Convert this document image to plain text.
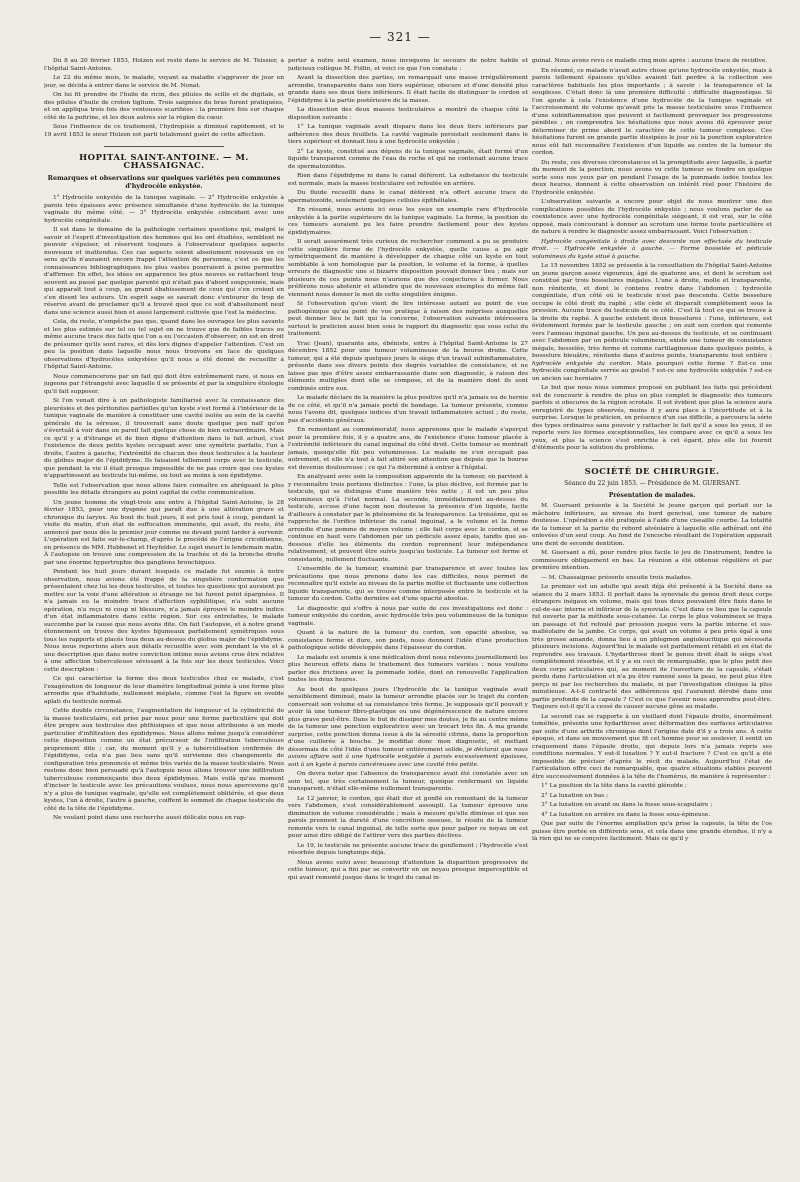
— 321 —

Du 8 au 20 février 1853, Holzen est resté dans le service de M. Teissier, à l'hôpital Saint-Antoine.

Le 22 du même mois, le malade, voyant sa maladie s'aggraver de jour en jour, se décida à entrer dans le service de M. Nonat.

On lui fit prendre de l'huile de ricin, des pilules de scille et de digitale, et des pilules d'huile de croton tiglium. Trois saignées du bras furent pratiquées, et on appliqua trois fois des ventouses scarifiées : la première fois sur chaque côté de la poitrine, et les deux autres sur la région du cœur.

Sous l'influence de ce traitement, l'hydropisie a diminué rapidement, et le 19 avril 1853 le sieur Holzen est parti totalement guéri de cette affection.

HOPITAL SAINT-ANTOINE. — M. CHASSAIGNAC.
Remarques et observations sur quelques variétés peu communes d'hydrocèle enkystée.

1° Hydrocèle enkystée de la tunique vaginale. — 2° Hydrocèle enkystée à parois très épaisses avec présence simultanée d'une hydrocèle de la tunique vaginale du même côté. — 3° Hydrocèle enkystée coïncidant avec une hydrocèle congénitale.

Il est dans le domaine de la pathologie certaines questions qui, malgré le savoir et l'esprit d'investigation des hommes qui les ont étudiées, semblent ne pouvoir s'épuiser, et réservent toujours à l'observateur quelques aspects nouveaux et inattendus. Ces cas aspects soient absolument nouveaux en ce sens qu'ils n'auraient encore frappé l'attention de personne, c'est ce que les connaissances bibliographiques les plus vastes pourraient à peine permettre d'affirmer. En effet, les idées en apparence les plus neuves se rattachent trop souvent au passé par quelque parenté qui n'était pas d'abord soupçonnée, mais qui apparaît tout à coup, au grand ébahissement de ceux qui s'en croient en s'en disent les auteurs. Un esprit sage se saurait donc s'entourer de trop de réserve avant de proclamer qu'il a trouvé quoi que ce soit d'absolument neuf dans une science aussi bien et aussi largement cultivée que l'est la médecine.

Cela, du reste, n'empêche pas que, quand dans les ouvrages les plus savants et les plus estimés sur tel ou tel sujet on ne trouve que de faibles traces ou même aucune trace des faits que l'on a eu l'occasion d'observer, on est en droit de présumer qu'ils sont rares, et dès lors dignes d'appeler l'attention. C'est un peu la position dans laquelle nous nous trouvons en face de quelques observations d'hydrocèles enkystées qu'il nous a été donné de recueillir à l'hôpital Saint-Antoine.

Nous commencerons par un fait qui doit être extrêmement rare, si nous en jugeons par l'étrangeté avec laquelle il se présente et par la singulière étiologie qu'il fait supposer.

Si l'on venait dire à un pathologiste familiarisé avec la connaissance des pleurésies et des péritonites partielles qu'un kyste s'est formé à l'intérieur de la tunique vaginale de manière à constituer une cavité isolée au sein de la cavité générale de la séreuse, il trouverait sans doute quelque peu naïf qu'on s'évertuât à voir dans un pareil fait quelque chose de bien extraordinaire. Mais ce qu'il y a d'étrange et de bien digne d'attention dans le fait actuel, c'est l'existence de deux petits kystes occupant avec une symétrie parfaite, l'un à droite, l'autre à gauche, l'extrémité de chacun des deux testicules à la hauteur du globus major de l'épididyme. Ils faisaient tellement corps avec le testicule, que pendant la vie il était presque impossible de ne pas croire que ces kystes n'appartinssent au testicule lui-même, ou tout au moins à son épididyme.

Telle est l'observation que nous allons faire connaître en abrégeant le plus possible les détails étrangers au point capital de cette communication.

Un jeune homme de vingt-trois ans entre à l'hôpital Saint-Antoine, le 28 février 1853, pour une dyspnée qui paraît due à une altération grave et chronique du larynx. Au bout de huit jours, il est pris tout à coup, pendant la visite du matin, d'un état de suffocation imminente, qui avait, du reste, été annoncé par nous dès le premier jour comme ne devant point tarder à survenir. L'opération est faite sur-le-champ, d'après le procédé de l'érigne cricoïdienne, en présence de MM. Hubbenet et Heyfelder. Le sujet meurt le lendemain matin. À l'autopsie on trouve une compression de la trachée et de la bronche droite par une énorme hypertrophie des ganglions bronchiques.

Pendant les huit jours durant lesquels ce malade fut soumis à notre observation, nous avions été frappé de la singulière conformation que présentaient chez lui les deux testicules, et toutes les questions qui auraient pu mettre sur la voie d'une altération si étrange ne lui furent point épargnées. Il n'a jamais eu la moindre trace d'affection syphilitique, n'a subi aucune opération, n'a reçu ni coup ni blessure, n'a jamais éprouvé le moindre indice d'un état inflammatoire dans cette région. Sur ces entrefaites, le malade succombe par la cause que nous avons dite. On fait l'autopsie, et à notre grand étonnement on trouve des kystes bijumeaux parfaitement symétriques sous tous les rapports et placés tous deux au-dessus du globus major de l'épididyme. Nous nous reportons alors aux détails recueillis avec soin pendant la vie et à une description que dans notre conviction intime nous avions crue être relative à une affection tuberculeuse sévissant à la fois sur les deux testicules. Voici cette description :

Ce qui caractérise la forme des deux testicules chez ce malade, c'est l'exagération de longueur de leur diamètre longitudinal jointe à une forme plus arrondie que d'habitude, nullement méplate, comme l'est la figure en ovoïde aplati du testicule normal.

Cette double circonstance, l'augmentation de longueur et la cylindricité de la masse testiculaire, est prise par nous pour une forme particulière qui doit être propre aux testicules des phthisiques et que nous attribuons à un mode particulier d'infiltration des épididymes. Nous allons même jusqu'à considérer cette disposition comme un état précurseur de l'infiltration tuberculeuse proprement dite ; car, du moment qu'il y a tuberculisation confirmée de l'épididyme, cela n'a pas lieu sans qu'il survienne des changements de configuration très prononcés et même très variés de la masse testiculaire. Nous restons donc bien persuadé qu'à l'autopsie nous allons trouver une infiltration tuberculeuse commençante des deux épididymes. Mais voilà qu'au moment d'inciser le testicule avec les précautions voulues, nous nous apercevons qu'il n'y a plus de tunique vaginale, qu'elle est complètement oblitérée, et que deux kystes, l'un à droite, l'autre à gauche, coiffent le sommet de chaque testicule du côté de la tête de l'épididyme.

Ne voulant point dans une recherche aussi délicate nous en rap-

porter à notre seul examen, nous invoquons le secours de notre habile et judicieux collègue M. Follin, et voici ce que l'on constate :

Avant la dissection des parties, on remarquait une masse irrégulièrement arrondie, transparente dans son tiers supérieur, obscure et d'une densité plus grande dans ses deux tiers inférieurs. Il était facile de distinguer le cordon et l'épididyme à la partie postérieure de la masse.

La dissection des deux masses testiculaires a montré de chaque côté la disposition suivante :

1° La tunique vaginale avait disparu dans les deux tiers inférieurs par adhérence des deux feuillets. La cavité vaginale persistait seulement dans le tiers supérieur et donnait lieu à une hydrocèle enkystée ;

2° Le kyste, constitué aux dépens de la tunique vaginale, était formé d'un liquide transparent comme de l'eau de roche et qui ne contenait aucune trace de spermatozoïdes.

Rien dans l'épididyme ni dans le canal déférent. La substance du testicule est normale, mais la masse testiculaire est refoulée en arrière.

Du fluide recueilli dans le canal déférent n'a offert aucune trace de spermatozoïde, seulement quelques cellules épithéliales.

En résumé, nous avions ici sous les yeux un exemple rare d'hydrocèle enkystée à la partie supérieure de la tunique vaginale. La forme, la position de ces tumeurs auraient pu les faire prendre facilement pour des kystes épididymaires.

Il serait assurément très curieux de rechercher comment a pu se produire cette singulière forme de l'hydrocèle enkystée, quelle cause a pu agir symétriquement de manière à développer de chaque côté un kyste en tout semblable à son homologue par la position, le volume et la forme, à quelles erreurs de diagnostic une si bizarre disposition pouvait donner lieu ; mais sur plusieurs de ces points nous n'aurions que des conjectures à former. Nous préférons nous abstenir et attendre que de nouveaux exemples du même fait viennent nous donner le mot de cette singulière énigme.

Si l'observation qu'on vient de lire intéresse autant au point de vue pathogénique qu'au point de vue pratique à raison des méprises auxquelles peut donner lieu le fait qui la concerne, l'observation suivante intéressera surtout le praticien aussi bien sous le rapport du diagnostic que sous celui du traitement.

Yrac (Jean), quarante ans, ébéniste, entre à l'hôpital Saint-Antoine le 27 décembre 1852 pour une tumeur volumineuse de la bourse droite. Cette tumeur, qui a été depuis quelques jours le siège d'un travail subinflammatoire, présente dans ses divers points des degrés variables de consistance, et ne laisse pas que d'être assez embarrassante dans son diagnostic, à raison des éléments multiples dont elle se compose, et de la manière dont ils sont combinés entre eux.

Le malade déclare de la manière la plus positive qu'il n'a jamais eu de hernie de ce côté, et qu'il n'a jamais porté de bandage. La tumeur présente, comme nous l'avons dit, quelques indices d'un travail inflammatoire actuel ; du reste, pas d'accidents généraux.

En remontant au commémoratif, nous apprenons que le malade s'aperçut pour la première fois, il y a quatre ans, de l'existence d'une tumeur placée à l'extrémité inférieure du canal inguinal du côté droit. Cette tumeur se montrait jamais, quoiqu'elle fût peu volumineuse. Le malade ne s'en occupait pas autrement, et elle n'a tout à fait attiré son attention que depuis que la bourse est devenue douloureuse ; ce qui l'a déterminé à entrer à l'hôpital.

En analysant avec soin la composition apparente de la tumeur, on parvient à y reconnaître trois portions distinctes : l'une, la plus déclive, est formée par le testicule, qui se distingue d'une manière très nette ; il est un peu plus volumineux qu'à l'état normal. La seconde, immédiatement au-dessus du testicule, accuse d'une façon non douteuse la présence d'un liquide, facile d'ailleurs à constater par le phénomène de la transparence. La troisième, qui se rapproche de l'orifice inférieur du canal inguinal, a le volume et la forme arrondie d'une pomme de moyen volume ; elle fait corps avec le cordon, et se continue en haut vers l'abdomen par un pédicule assez épais, tandis que au-dessous d'elle les éléments du cordon reprennent leur indépendance relativement, et peuvent être suivis jusqu'au testicule. La tumeur est ferme et consistante, nullement fluctuante.

L'ensemble de la tumeur, examiné par transparence et avec toutes les précautions que nous prenons dans les cas difficiles, nous permet de reconnaître qu'il existe au niveau de la partie mollie et fluctuante une collection liquide transparente, qui se trouve comme interposée entre le testicule et la tumeur du cordon. Cette dernière est d'une opacité absolue.

Le diagnostic qui s'offre à nous par suite de ces investigations est donc : tumeur enkystée du cordon, avec hydrocèle très peu volumineuse de la tunique vaginale.

Quant à la nature de la tumeur du cordon, son opacité absolue, sa consistance ferme et dure, son poids, nous donnent l'idée d'une production pathologique solide développée dans l'épaisseur du cordon.

Le malade est soumis à une médication dont nous relevons journellement les plus heureux effets dans le traitement des tumeurs variées : nous voulons parler des frictions avec la pommade iodée, dont on renouvelle l'application toutes les deux heures.

Au bout de quelques jours l'hydrocèle de la tunique vaginale avait sensiblement diminué, mais la tumeur arrondie placée sur le trajet du cordon conservait son volume et sa consistance très ferme. Je supposais qu'il pouvait y avoir là une tumeur fibro-plastique ou une dégénérescence de nature encore plus grave peut-être. Dans le but de dissiper mes doutes, je fis au centre même de la tumeur une ponction exploratrice avec un trocart très fin. À ma grande surprise, cette ponction donna issue à de la sérosité citrine, dans la proportion d'une cuillerée à bouche. Je modifiai donc mon diagnostic, et mettant désormais de côté l'idée d'une tumeur entièrement solide, je déclarai que nous avions affaire soit à une hydrocèle enkystée à parois excessivement épaisses, soit à un kyste à parois cancéreuses avec une cavité très petite.

On devra noter que l'absence de transparence avait été constatée avec un soin tel, que très certainement la tumeur, quoique renfermant un liquide transparent, n'était elle-même nullement transparente.

Le 12 janvier, le cordon, qui était dur et gonflé en remontant de la tumeur vers l'abdomen, s'est considérablement assoupli. La tumeur éprouve une diminution de volume considérable ; mais à mesure qu'elle diminue et que ses parois prennent la dureté d'une concrétion osseuse, le résidu de la tumeur remonte vers le canal inguinal, de telle sorte que pour palper ce noyau on est pour ainsi dire obligé de l'attirer vers des parties déclives.

Le 19, le testicule ne présente aucune trace de gonflement ; l'hydrocèle s'est résorbée depuis longtemps déjà.

Nous avons suivi avec beaucoup d'attention la disparition progressive de cette tumeur, qui a fini par se convertir en un noyau presque imperceptible et qui avait remonté jusque dans le trajet du canal in-

guinal. Nous avons revu ce malade cinq mois après : aucune trace de récidive.

En résumé, ce malade n'avait autre chose qu'une hydrocèle enkystée, mais à parois tellement épaisses qu'elles avaient fait perdre à la collection ses caractères habituels les plus importants ; à savoir : la transparence et la souplesse. C'était donc là une première difficulté : difficulté diagnostique. Si l'on ajoute à cela l'existence d'une hydrocèle de la tunique vaginale et l'accroissement de volume qu'avait pris la masse testiculaire sous l'influence d'une subinflammation que peuvent si facilement provoquer les progressions pénibles ; on comprendra les hésitations que nous avons dû éprouver pour déterminer de prime abord le caractère de cette tumeur complexe. Ces hésitations furent en grande partie dissipées le jour où la ponction exploratrice nous eût fait reconnaître l'existence d'un liquide au centre de la tumeur du cordon.

Du reste, ces diverses circonstances et la promptitude avec laquelle, à partir du moment de la ponction, nous avons vu cette tumeur se fondre en quelque sorte sous nos yeux par on pendant l'usage de la pommade iodée toutes les deux heures, donnent à cette observation un intérêt réel pour l'histoire de l'hydrocèle enkystée.

L'observation suivante a encore pour objet de nous montrer une des complications possibles de l'hydrocèle enkystée ; nous voulons parler de sa coexistence avec une hydrocèle congénitale siégeant, il est vrai, sur le côté opposé, mais concourant à donner au scrotum une forme toute particulière et de nature à rendre le diagnostic assez embarrassant. Voici l'observation :

Hydrocèle congénitale à droite avec descente non effectuée du testicule droit. — Hydrocèle enkystée à gauche. — Forme bosselée et pédicule volumineux du kyste situé à gauche.

Le 15 novembre 1852 se présente à la consultation de l'hôpital Saint-Antoine un jeune garçon assez vigoureux, âgé de quatorze ans, et dont le scrotum est constitué par trois bosselures inégales. L'une à droite, molle et transparente, non rénitente, et dont le contenu rentre dans l'abdomen : hydrocèle congénitale, d'un côté où le testicule n'est pas descendu. Cette bosselure occupe le côté droit du raphé ; elle cède et disparaît complètement sous la pression. Aucune trace du testicule de ce côté. C'est là tout ce qui se trouve à la droite du raphé. À gauche existent deux bosselures : l'une, inférieure, est évidemment formée par le testicule gauche ; on suit son cordon qui remonte vers l'anneau inguinal gauche. Un peu au-dessus du testicule, et se continuant avec l'abdomen par un pédicule volumineux, existe une tumeur de consistance inégale, bosselée, très ferme et comme cartilagineuse dans quelques points, à bosselure bleuâtre, rénitente dans d'autres points, transparente tout entière : hydrocèle enkystée du cordon. Mais pourquoi cette forme ? Est-ce une hydrocèle congénitale serrée au goulot ? est-ce une hydrocèle enkystée ? est-ce un ancien sac herniaire ?

Le but que nous nous sommes proposé en publiant les faits qui précèdent est de concourir à rendre de plus en plus complet le diagnostic des tumeurs parfois si obscures de la région scrotale. Il est évident que plus la science aura enregistré de types observés, moins il y aura place à l'incertitude et à la surprise. Lorsque le praticien, en présence d'un cas difficile, a parcouru la série des types ordinaires sans pouvoir y rattacher le fait qu'il a sous les yeux, il se reporte vers les formes exceptionnelles, les compare avec ce qu'il a sous les yeux, et plus la science s'est enrichie à cet égard, plus elle lui fournit d'éléments pour la solution du problème.

SOCIÉTÉ DE CHIRURGIE.
Séance du 22 juin 1853. — Présidence de M. GUERSANT.
Présentation de malades.

M. Guersant présente à la Société le jeune garçon qui portait sur la mâchoire inférieure, au niveau du bord gencival, une tumeur de nature douteuse. L'opération a été pratiquée à l'aide d'une ciseaille courbe. La totalité de la tumeur et la partie du rebord alvéolaire à laquelle elle adhérait ont été enlevées d'un seul coup. Au fond de l'encoche résultant de l'opération apparaît une dent de seconde dentition.

M. Guersant a dû, pour rendre plus facile le jeu de l'instrument, fendre la commissure obliquement en bas. La réunion a été obtenue régulière et par première intention.

— M. Chassaignac présente ensuite trois malades.

Le premier est un adulte qui avait déjà été présenté à la Société dans sa séance du 2 mars 1853. Il portait dans la synoviale du genou droit deux corps étrangers inégaux en volume, mais qui tous deux pouvaient être fixés dans le cul-de-sac interne et inférieur de la synoviale. C'est dans ce lieu que la capsule fut ouverte par la méthode sous-cutanée. Le corps le plus volumineux se fraya un passage et fut refoulé par pression jusque vers la partie interne et sus-malléolaire de la jambe. Ce corps, qui avait un volume à peu près égal à une très grosse amande, donna lieu à un phlegmon angioleucitique qui nécessita plusieurs incisions. Aujourd'hui le malade est parfaitement rétabli et en état de reprendre ses travaux. L'hydarthrose dont le genou droit était le siège s'est complètement résorbée, et il y a eu ceci de remarquable, que le plus petit des deux corps articulaires qui, au moment de l'ouverture de la capsule, s'était perdu dans l'articulation et n'a pu être ramené sous la peau, ne peut plus être perçu ni par les recherches du malade, ni par l'investigation clinique la plus minutieuse. A-t-il contracté des adhérences qui l'auraient dérobé dans une partie profonde de la capsule ? C'est ce que l'avenir nous apprendra peut-être. Toujours est-il qu'il a cessé de causer aucune gêne au malade.

Le second cas se rapporte à un vieillard dont l'épaule droite, énormément tuméfiée, présente une hydarthrose avec déformation des surfaces articulaires par suite d'une arthrite chronique dont l'origine date d'il y a trois ans. À cette époque, et dans un mouvement que fit cet homme pour se soulever, il sentit un craquement dans l'épaule droite, qui depuis lors n'a jamais repris ses conditions normales. Y eut-il luxation ? Y eut-il fracture ? C'est ce qu'il a été impossible de préciser d'après le récit du malade. Aujourd'hui l'état de l'articulation offre ceci de remarquable, que quatre situations stables peuvent être successivement données à la tête de l'humérus, de manière à représenter :

1° La position de la tête dans la cavité glénoïde ;

2° La luxation en bas ;

3° La luxation en avant ou dans la fosse sous-scapulaire ;

4° La luxation en arrière ou dans la fosse sous-épineuse.

Que par suite de l'énorme ampliation qu'a prise la capsule, la tête de l'os puisse être portée en différents sens, et cela dans une grande étendue, il n'y a là rien qui ne se conçoive facilement. Mais ce qu'il y
